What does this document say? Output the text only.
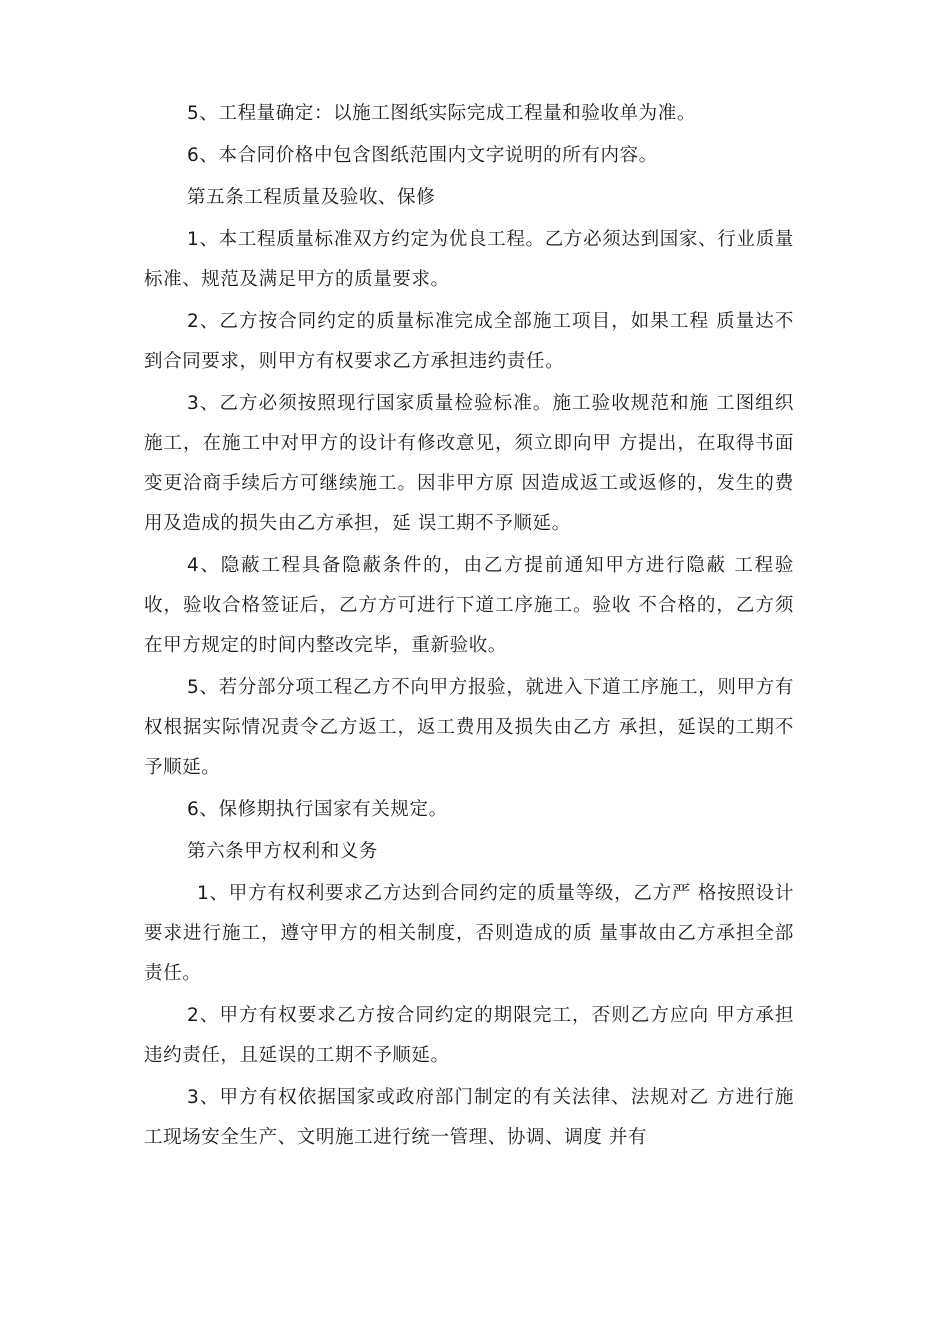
5、工程量确定：以施工图纸实际完成工程量和验收单为准。

6、本合同价格中包含图纸范围内文字说明的所有内容。

第五条工程质量及验收、保修

1、本工程质量标准双方约定为优良工程。乙方必须达到国家、行业质量标准、规范及满足甲方的质量要求。

2、乙方按合同约定的质量标准完成全部施工项目，如果工程 质量达不到合同要求，则甲方有权要求乙方承担违约责任。

3、乙方必须按照现行国家质量检验标准。施工验收规范和施 工图组织施工，在施工中对甲方的设计有修改意见，须立即向甲 方提出，在取得书面变更洽商手续后方可继续施工。因非甲方原 因造成返工或返修的，发生的费用及造成的损失由乙方承担，延 误工期不予顺延。

4、隐蔽工程具备隐蔽条件的，由乙方提前通知甲方进行隐蔽 工程验收，验收合格签证后，乙方方可进行下道工序施工。验收 不合格的，乙方须在甲方规定的时间内整改完毕，重新验收。

5、若分部分项工程乙方不向甲方报验，就进入下道工序施工，则甲方有权根据实际情况责令乙方返工，返工费用及损失由乙方 承担，延误的工期不予顺延。

6、保修期执行国家有关规定。

第六条甲方权利和义务

1、甲方有权利要求乙方达到合同约定的质量等级，乙方严 格按照设计要求进行施工，遵守甲方的相关制度，否则造成的质 量事故由乙方承担全部责任。

2、甲方有权要求乙方按合同约定的期限完工，否则乙方应向 甲方承担违约责任，且延误的工期不予顺延。

3、甲方有权依据国家或政府部门制定的有关法律、法规对乙 方进行施工现场安全生产、文明施工进行统一管理、协调、调度 并有
